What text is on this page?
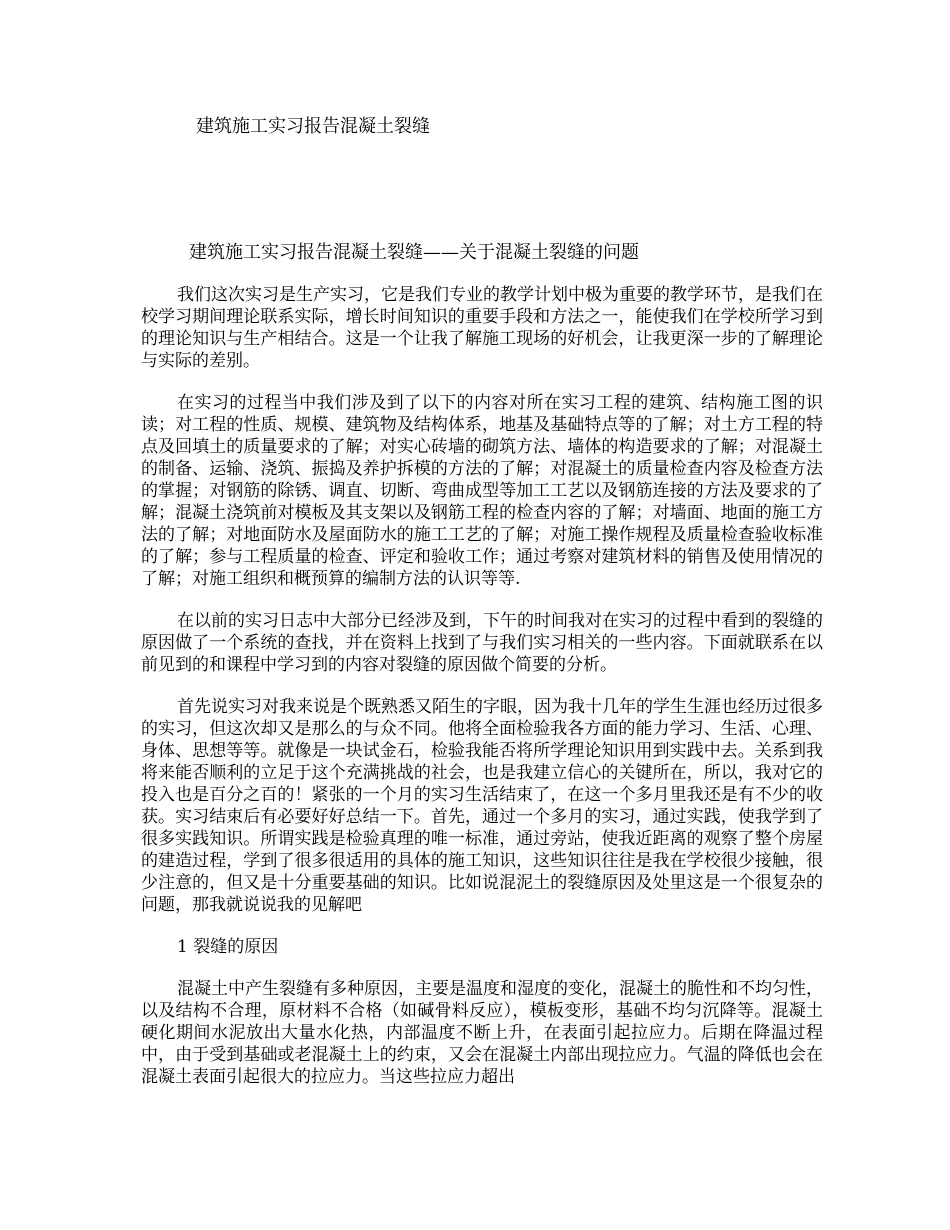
建筑施工实习报告混凝土裂缝
建筑施工实习报告混凝土裂缝——关于混凝土裂缝的问题

我们这次实习是生产实习，它是我们专业的教学计划中极为重要的教学环节，是我们在校学习期间理论联系实际，增长时间知识的重要手段和方法之一，能使我们在学校所学习到的理论知识与生产相结合。这是一个让我了解施工现场的好机会，让我更深一步的了解理论与实际的差别。

在实习的过程当中我们涉及到了以下的内容对所在实习工程的建筑、结构施工图的识读；对工程的性质、规模、建筑物及结构体系，地基及基础特点等的了解；对土方工程的特点及回填土的质量要求的了解；对实心砖墙的砌筑方法、墙体的构造要求的了解；对混凝土的制备、运输、浇筑、振捣及养护拆模的方法的了解；对混凝土的质量检查内容及检查方法的掌握；对钢筋的除锈、调直、切断、弯曲成型等加工工艺以及钢筋连接的方法及要求的了解；混凝土浇筑前对模板及其支架以及钢筋工程的检查内容的了解；对墙面、地面的施工方法的了解；对地面防水及屋面防水的施工工艺的了解；对施工操作规程及质量检查验收标准的了解；参与工程质量的检查、评定和验收工作；通过考察对建筑材料的销售及使用情况的了解；对施工组织和概预算的编制方法的认识等等.

在以前的实习日志中大部分已经涉及到，下午的时间我对在实习的过程中看到的裂缝的原因做了一个系统的查找，并在资料上找到了与我们实习相关的一些内容。下面就联系在以前见到的和课程中学习到的内容对裂缝的原因做个简要的分析。

首先说实习对我来说是个既熟悉又陌生的字眼，因为我十几年的学生生涯也经历过很多的实习，但这次却又是那么的与众不同。他将全面检验我各方面的能力学习、生活、心理、身体、思想等等。就像是一块试金石，检验我能否将所学理论知识用到实践中去。关系到我将来能否顺利的立足于这个充满挑战的社会，也是我建立信心的关键所在，所以，我对它的投入也是百分之百的！紧张的一个月的实习生活结束了，在这一个多月里我还是有不少的收获。实习结束后有必要好好总结一下。首先，通过一个多月的实习，通过实践，使我学到了很多实践知识。所谓实践是检验真理的唯一标准，通过旁站，使我近距离的观察了整个房屋的建造过程，学到了很多很适用的具体的施工知识，这些知识往往是我在学校很少接触，很少注意的，但又是十分重要基础的知识。比如说混泥土的裂缝原因及处里这是一个很复杂的问题，那我就说说我的见解吧

1 裂缝的原因

混凝土中产生裂缝有多种原因，主要是温度和湿度的变化，混凝土的脆性和不均匀性，以及结构不合理，原材料不合格（如碱骨料反应），模板变形，基础不均匀沉降等。混凝土硬化期间水泥放出大量水化热，内部温度不断上升，在表面引起拉应力。后期在降温过程中，由于受到基础或老混凝土上的约束，又会在混凝土内部出现拉应力。气温的降低也会在混凝土表面引起很大的拉应力。当这些拉应力超出
